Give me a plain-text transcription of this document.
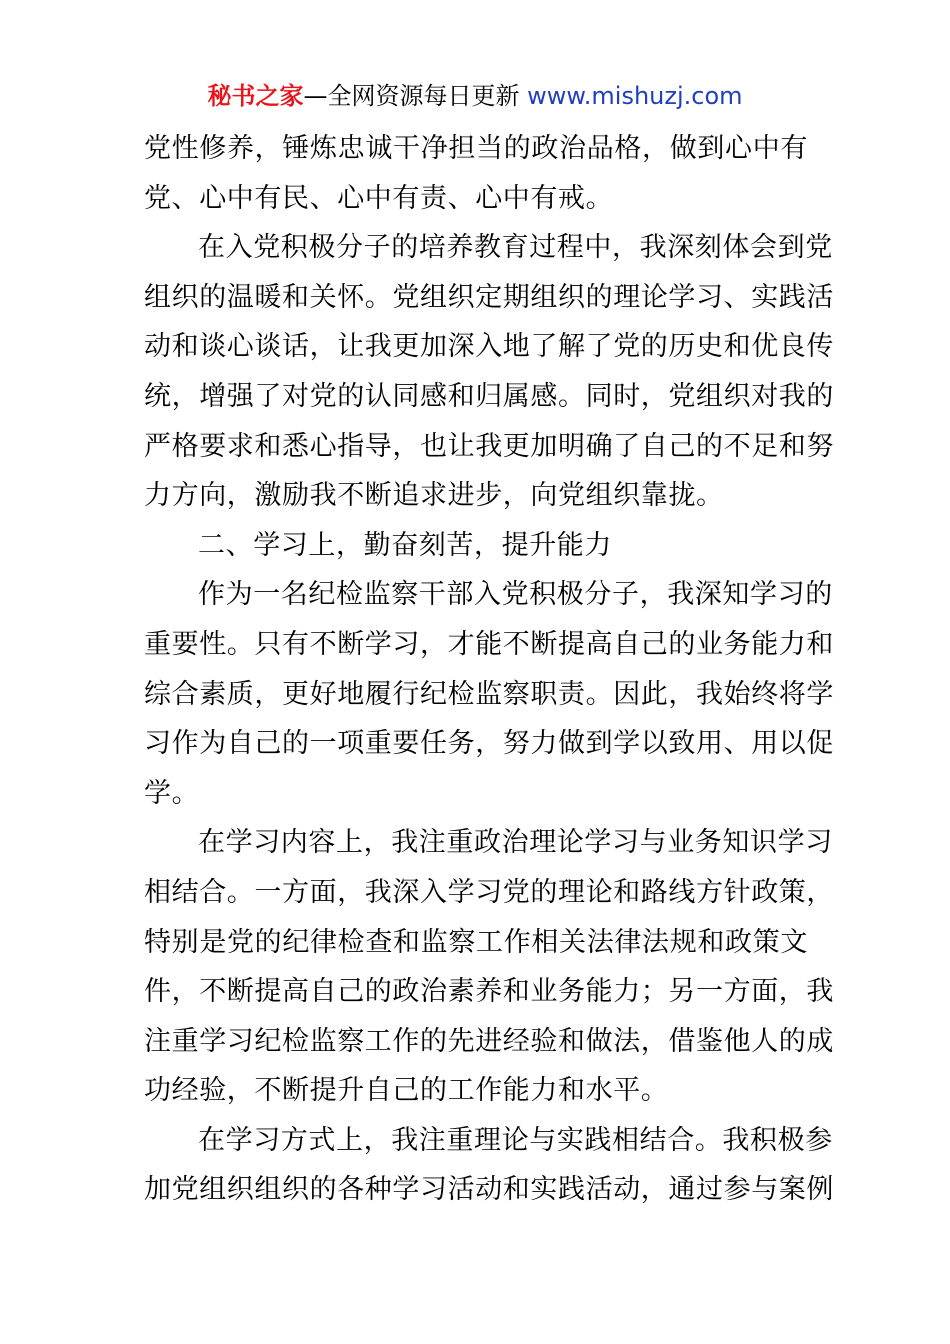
秘书之家—全网资源每日更新 www.mishuzj.com
党性修养，锤炼忠诚干净担当的政治品格，做到心中有
党、心中有民、心中有责、心中有戒。
在入党积极分子的培养教育过程中，我深刻体会到党
组织的温暖和关怀。党组织定期组织的理论学习、实践活
动和谈心谈话，让我更加深入地了解了党的历史和优良传
统，增强了对党的认同感和归属感。同时，党组织对我的
严格要求和悉心指导，也让我更加明确了自己的不足和努
力方向，激励我不断追求进步，向党组织靠拢。
二、学习上，勤奋刻苦，提升能力
作为一名纪检监察干部入党积极分子，我深知学习的
重要性。只有不断学习，才能不断提高自己的业务能力和
综合素质，更好地履行纪检监察职责。因此，我始终将学
习作为自己的一项重要任务，努力做到学以致用、用以促
学。
在学习内容上，我注重政治理论学习与业务知识学习
相结合。一方面，我深入学习党的理论和路线方针政策，
特别是党的纪律检查和监察工作相关法律法规和政策文
件，不断提高自己的政治素养和业务能力；另一方面，我
注重学习纪检监察工作的先进经验和做法，借鉴他人的成
功经验，不断提升自己的工作能力和水平。
在学习方式上，我注重理论与实践相结合。我积极参
加党组织组织的各种学习活动和实践活动，通过参与案例
